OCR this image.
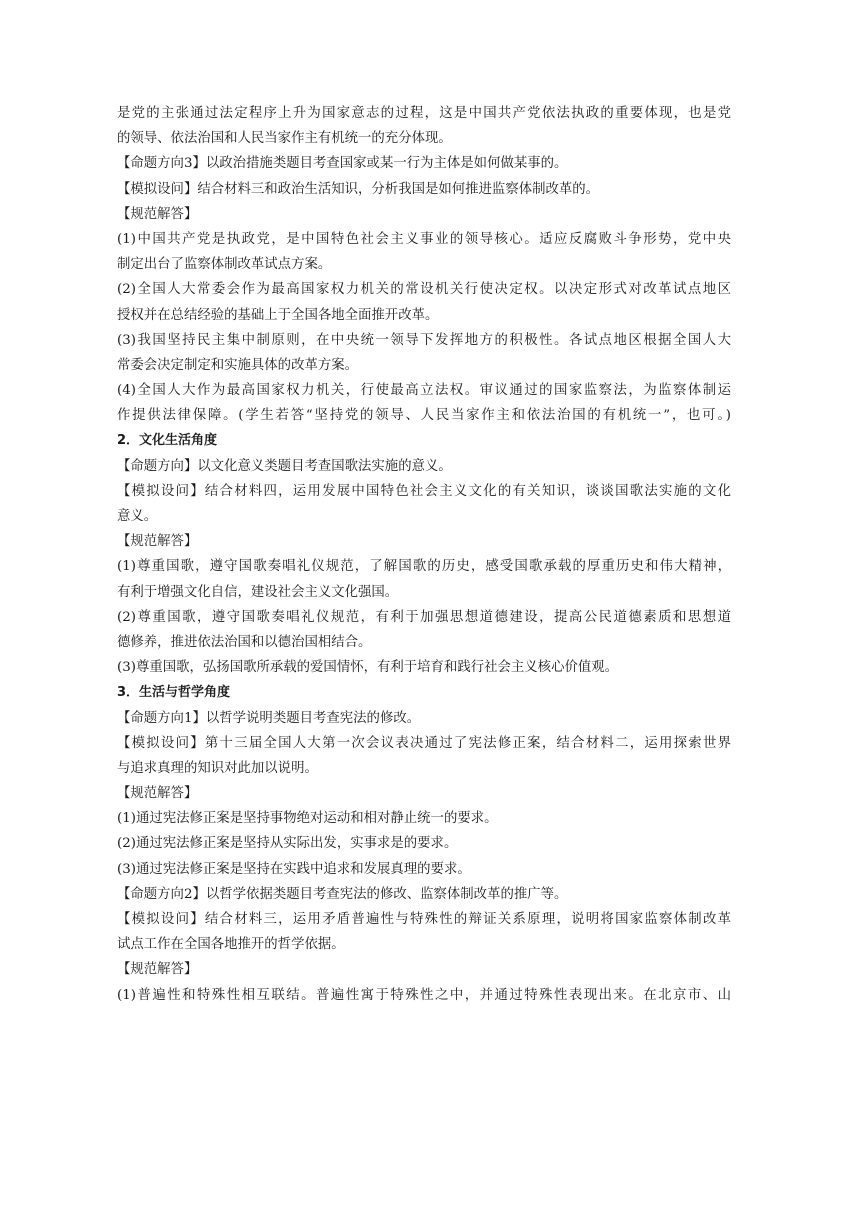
是党的主张通过法定程序上升为国家意志的过程，这是中国共产党依法执政的重要体现，也是党
的领导、依法治国和人民当家作主有机统一的充分体现。
【命题方向3】以政治措施类题目考查国家或某一行为主体是如何做某事的。
【模拟设问】结合材料三和政治生活知识，分析我国是如何推进监察体制改革的。
【规范解答】
(1)中国共产党是执政党，是中国特色社会主义事业的领导核心。适应反腐败斗争形势，党中央
制定出台了监察体制改革试点方案。
(2)全国人大常委会作为最高国家权力机关的常设机关行使决定权。以决定形式对改革试点地区
授权并在总结经验的基础上于全国各地全面推开改革。
(3)我国坚持民主集中制原则，在中央统一领导下发挥地方的积极性。各试点地区根据全国人大
常委会决定制定和实施具体的改革方案。
(4)全国人大作为最高国家权力机关，行使最高立法权。审议通过的国家监察法，为监察体制运
作提供法律保障。(学生若答“坚持党的领导、人民当家作主和依法治国的有机统一”，也可。)
2．文化生活角度
【命题方向】以文化意义类题目考查国歌法实施的意义。
【模拟设问】结合材料四，运用发展中国特色社会主义文化的有关知识，谈谈国歌法实施的文化
意义。
【规范解答】
(1)尊重国歌，遵守国歌奏唱礼仪规范，了解国歌的历史，感受国歌承载的厚重历史和伟大精神，
有利于增强文化自信，建设社会主义文化强国。
(2)尊重国歌，遵守国歌奏唱礼仪规范，有利于加强思想道德建设，提高公民道德素质和思想道
德修养，推进依法治国和以德治国相结合。
(3)尊重国歌，弘扬国歌所承载的爱国情怀，有利于培育和践行社会主义核心价值观。
3．生活与哲学角度
【命题方向1】以哲学说明类题目考查宪法的修改。
【模拟设问】第十三届全国人大第一次会议表决通过了宪法修正案，结合材料二，运用探索世界
与追求真理的知识对此加以说明。
【规范解答】
(1)通过宪法修正案是坚持事物绝对运动和相对静止统一的要求。
(2)通过宪法修正案是坚持从实际出发，实事求是的要求。
(3)通过宪法修正案是坚持在实践中追求和发展真理的要求。
【命题方向2】以哲学依据类题目考查宪法的修改、监察体制改革的推广等。
【模拟设问】结合材料三，运用矛盾普遍性与特殊性的辩证关系原理，说明将国家监察体制改革
试点工作在全国各地推开的哲学依据。
【规范解答】
(1)普遍性和特殊性相互联结。普遍性寓于特殊性之中，并通过特殊性表现出来。在北京市、山
